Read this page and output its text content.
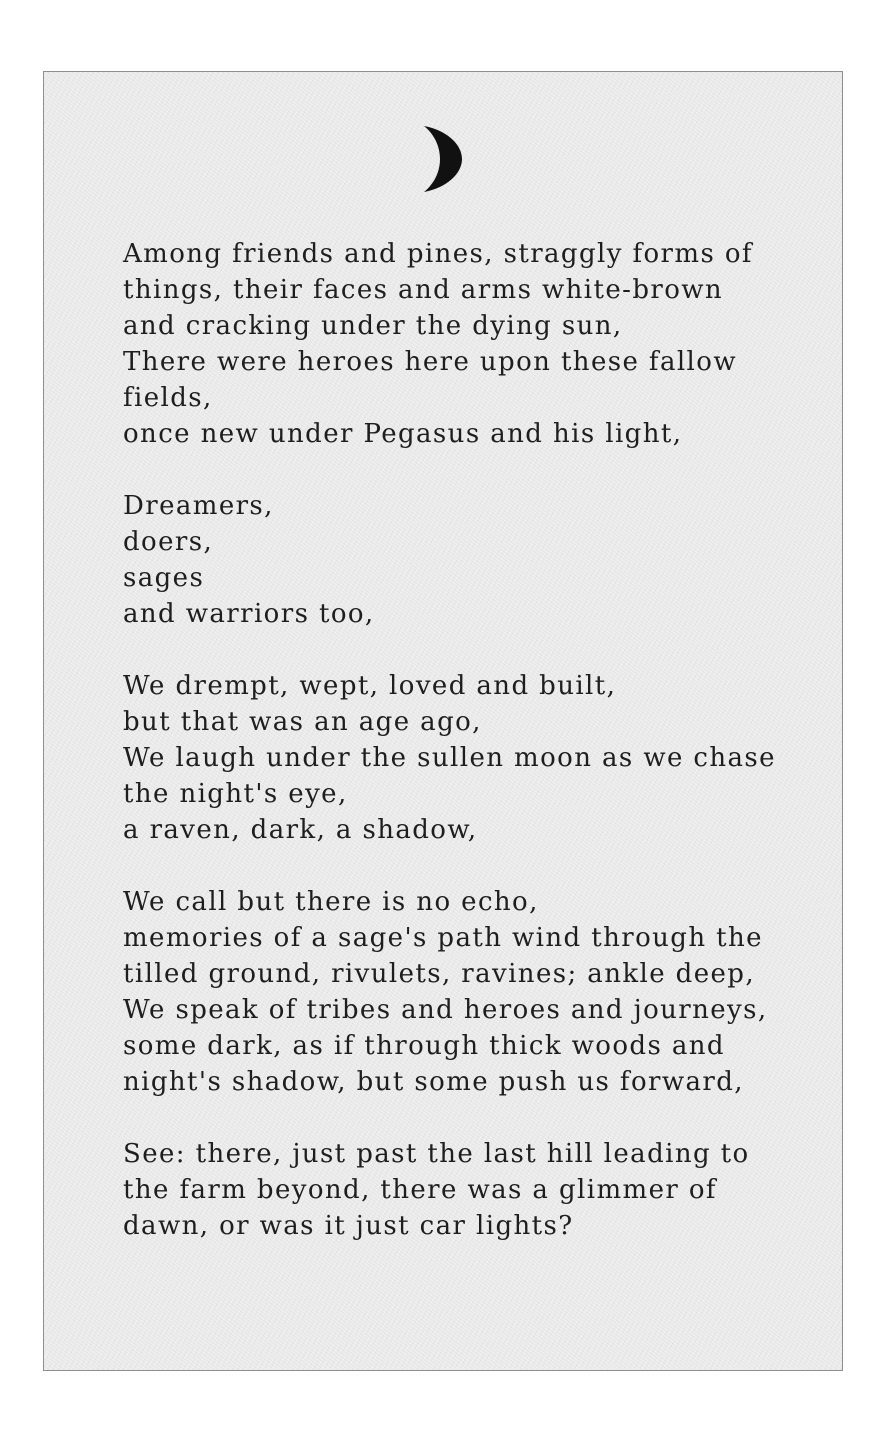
Among friends and pines, straggly forms of things, their faces and arms white-brown and cracking under the dying sun,
There were heroes here upon these fallow fields,
once new under Pegasus and his light,
Dreamers,
doers,
sages
and warriors too,
We drempt, wept, loved and built,
but that was an age ago,
We laugh under the sullen moon as we chase the night's eye,
a raven, dark, a shadow,
We call but there is no echo,
memories of a sage's path wind through the tilled ground, rivulets, ravines; ankle deep,
We speak of tribes and heroes and journeys, some dark, as if through thick woods and night's shadow, but some push us forward,
See: there, just past the last hill leading to the farm beyond, there was a glimmer of dawn, or was it just car lights?
